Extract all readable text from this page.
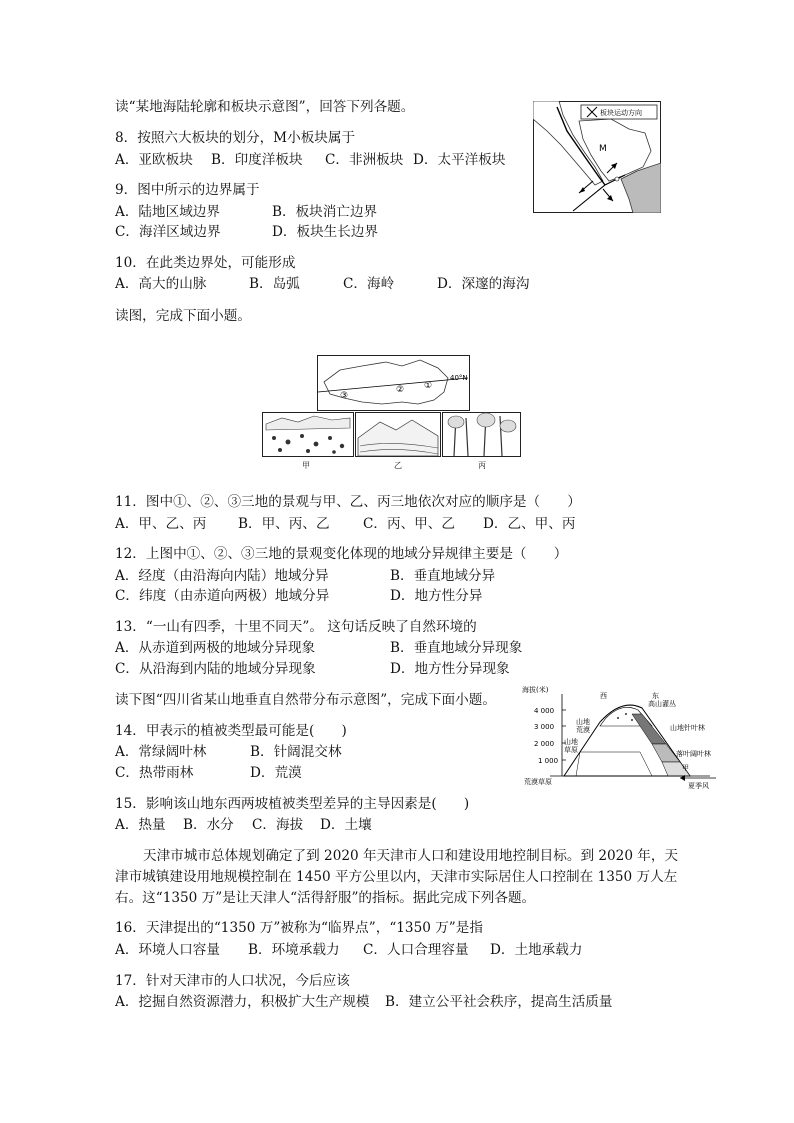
读“某地海陆轮廓和板块示意图”，回答下列各题。	板块运动方向
M
8．按照六大板块的划分，M小板块属于
A．亚欧板块 B．印度洋板块 C．非洲板块 D．太平洋板块
9．图中所示的边界属于
A．陆地区域边界	B．板块消亡边界
C．海洋区域边界	D．板块生长边界
10．在此类边界处，可能形成
A．高大的山脉	B．岛弧	C．海岭	D．深邃的海沟
读图，完成下面小题。
40°N
①
②
③
甲	乙	丙
11．图中①、②、③三地的景观与甲、乙、丙三地依次对应的顺序是（　　）
A．甲、乙、丙 B．甲、丙、乙 C．丙、甲、乙 D．乙、甲、丙
12．上图中①、②、③三地的景观变化体现的地域分异规律主要是（　　）
A．经度（由沿海向内陆）地域分异	B．垂直地域分异
C．纬度（由赤道向两极）地域分异	D．地方性分异
13．“一山有四季，十里不同天”。 这句话反映了自然环境的
A．从赤道到两极的地域分异现象	B．垂直地域分异现象
C．从沿海到内陆的地域分异现象	D．地方性分异现象
读下图“四川省某山地垂直自然带分布示意图”，完成下面小题。
海拔(米)
西	东
4 000
3 000
2 000
1 000
高山灌丛
山地
荒漠
山地
草原
山地针叶林
落叶阔叶林
荒漠草原
甲
夏季风
14．甲表示的植被类型最可能是(　　)
A．常绿阔叶林	B．针阔混交林
C．热带雨林	D．荒漠
15．影响该山地东西两坡植被类型差异的主导因素是(　　)
A．热量 B．水分 C．海拔 D．土壤
天津市城市总体规划确定了到 2020 年天津市人口和建设用地控制目标。到 2020 年，天
津市城镇建设用地规模控制在 1450 平方公里以内，天津市实际居住人口控制在 1350 万人左
右。这“1350 万”是让天津人“活得舒服”的指标。据此完成下列各题。
16．天津提出的“1350 万”被称为“临界点”，“1350 万”是指
A．环境人口容量 B．环境承载力 C．人口合理容量 D．土地承载力
17．针对天津市的人口状况，今后应该
A．挖掘自然资源潜力，积极扩大生产规模 B．建立公平社会秩序，提高生活质量
